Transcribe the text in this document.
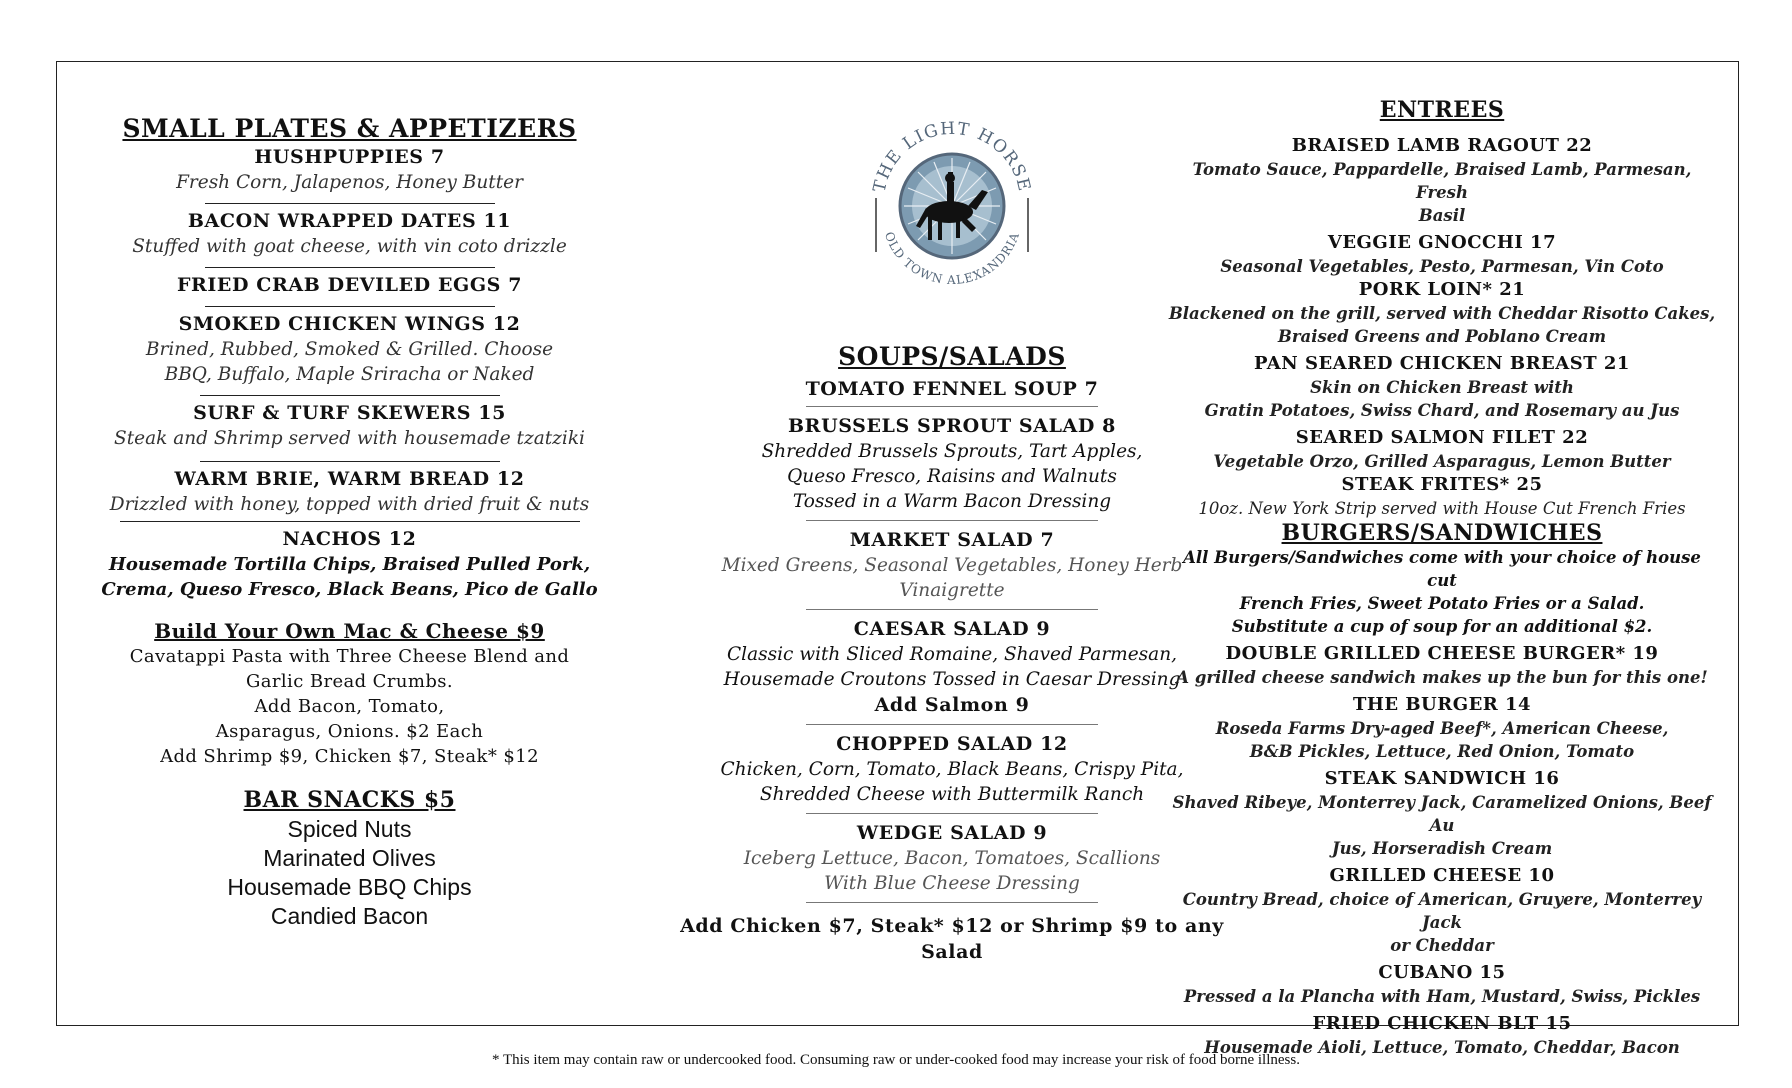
SMALL PLATES & APPETIZERS
HUSHPUPPIES 7
Fresh Corn, Jalapenos, Honey Butter
BACON WRAPPED DATES 11
Stuffed with goat cheese, with vin coto drizzle
FRIED CRAB DEVILED EGGS 7
SMOKED CHICKEN WINGS 12
Brined, Rubbed, Smoked & Grilled. Choose
BBQ, Buffalo, Maple Sriracha or Naked
SURF & TURF SKEWERS 15
Steak and Shrimp served with housemade tzatziki
WARM BRIE, WARM BREAD 12
Drizzled with honey, topped with dried fruit & nuts
NACHOS 12
Housemade Tortilla Chips, Braised Pulled Pork,
Crema, Queso Fresco, Black Beans, Pico de Gallo
Build Your Own Mac & Cheese $9
Cavatappi Pasta with Three Cheese Blend and
Garlic Bread Crumbs.
Add Bacon, Tomato,
Asparagus, Onions. $2 Each
Add Shrimp $9, Chicken $7, Steak* $12
BAR SNACKS $5
Spiced Nuts
Marinated Olives
Housemade BBQ Chips
Candied Bacon
THE LIGHT HORSE
OLD TOWN ALEXANDRIA
SOUPS/SALADS
TOMATO FENNEL SOUP 7
BRUSSELS SPROUT SALAD 8
Shredded Brussels Sprouts, Tart Apples,
Queso Fresco, Raisins and Walnuts
Tossed in a Warm Bacon Dressing
MARKET SALAD 7
Mixed Greens, Seasonal Vegetables, Honey Herb
Vinaigrette
CAESAR SALAD 9
Classic with Sliced Romaine, Shaved Parmesan,
Housemade Croutons Tossed in Caesar Dressing
Add Salmon 9
CHOPPED SALAD 12
Chicken, Corn, Tomato, Black Beans, Crispy Pita,
Shredded Cheese with Buttermilk Ranch
WEDGE SALAD 9
Iceberg Lettuce, Bacon, Tomatoes, Scallions
With Blue Cheese Dressing
Add Chicken $7, Steak* $12 or Shrimp $9 to any
Salad
ENTREES
BRAISED LAMB RAGOUT 22
Tomato Sauce, Pappardelle, Braised Lamb, Parmesan, Fresh
Basil
VEGGIE GNOCCHI 17
Seasonal Vegetables, Pesto, Parmesan, Vin Coto
PORK LOIN* 21
Blackened on the grill, served with Cheddar Risotto Cakes,
Braised Greens and Poblano Cream
PAN SEARED CHICKEN BREAST 21
Skin on Chicken Breast with
Gratin Potatoes, Swiss Chard, and Rosemary au Jus
SEARED SALMON FILET 22
Vegetable Orzo, Grilled Asparagus, Lemon Butter
STEAK FRITES* 25
10oz. New York Strip served with House Cut French Fries
BURGERS/SANDWICHES
All Burgers/Sandwiches come with your choice of house cut
French Fries, Sweet Potato Fries or a Salad.
Substitute a cup of soup for an additional $2.
DOUBLE GRILLED CHEESE BURGER* 19
A grilled cheese sandwich makes up the bun for this one!
THE BURGER 14
Roseda Farms Dry-aged Beef*, American Cheese,
B&B Pickles, Lettuce, Red Onion, Tomato
STEAK SANDWICH 16
Shaved Ribeye, Monterrey Jack, Caramelized Onions, Beef Au
Jus, Horseradish Cream
GRILLED CHEESE 10
Country Bread, choice of American, Gruyere, Monterrey Jack
or Cheddar
CUBANO 15
Pressed a la Plancha with Ham, Mustard, Swiss, Pickles
FRIED CHICKEN BLT 15
Housemade Aioli, Lettuce, Tomato, Cheddar, Bacon
* This item may contain raw or undercooked food. Consuming raw or under-cooked food may increase your risk of food borne illness.
